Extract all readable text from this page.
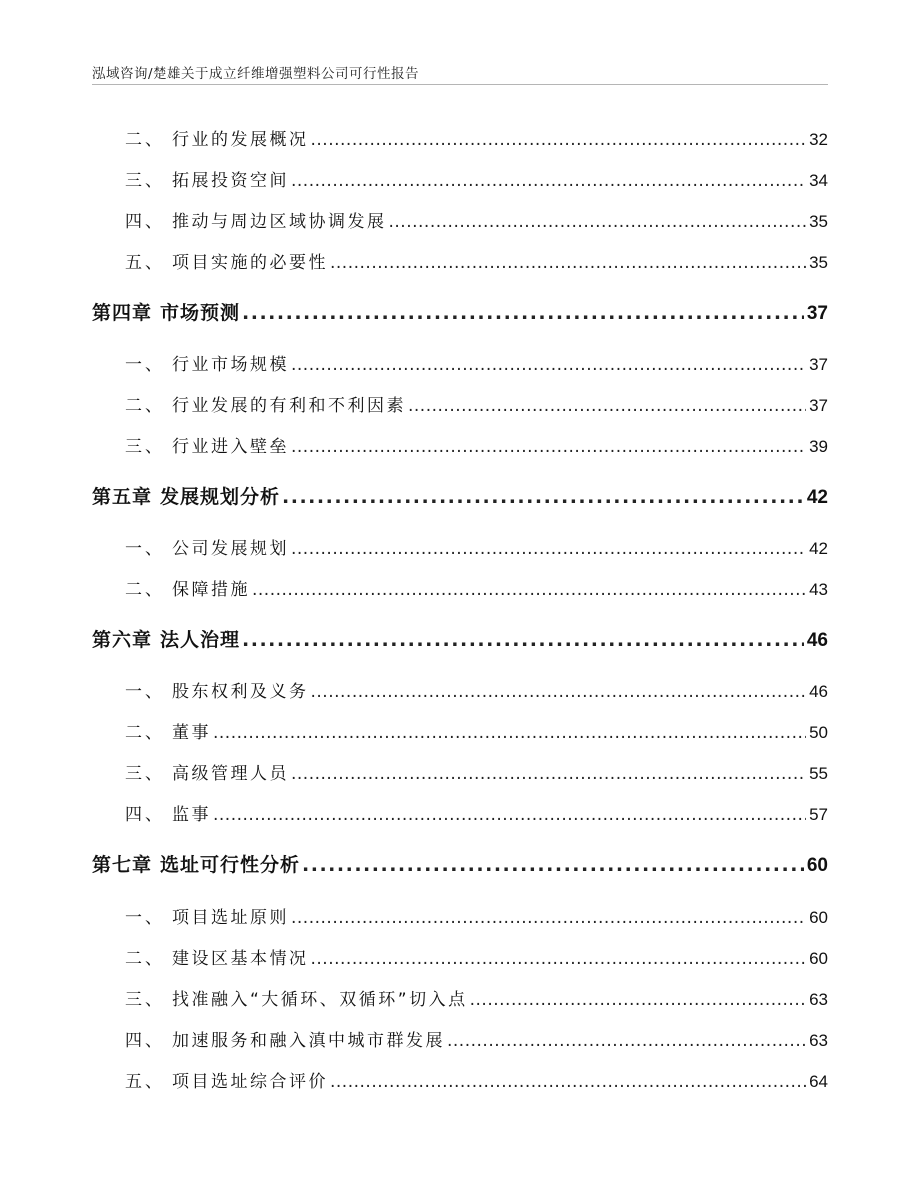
泓域咨询/楚雄关于成立纤维增强塑料公司可行性报告
二、 行业的发展概况 .....	32
三、 拓展投资空间 .....	34
四、 推动与周边区域协调发展 .....	35
五、 项目实施的必要性 .....	35
第四章 市场预测 .....	37
一、 行业市场规模 .....	37
二、 行业发展的有利和不利因素 .....	37
三、 行业进入壁垒 .....	39
第五章 发展规划分析 .....	42
一、 公司发展规划 .....	42
二、 保障措施 .....	43
第六章 法人治理 .....	46
一、 股东权利及义务 .....	46
二、 董事 .....	50
三、 高级管理人员 .....	55
四、 监事 .....	57
第七章 选址可行性分析 .....	60
一、 项目选址原则 .....	60
二、 建设区基本情况 .....	60
三、 找准融入“大循环、双循环”切入点 .....	63
四、 加速服务和融入滇中城市群发展 .....	63
五、 项目选址综合评价 .....	64
